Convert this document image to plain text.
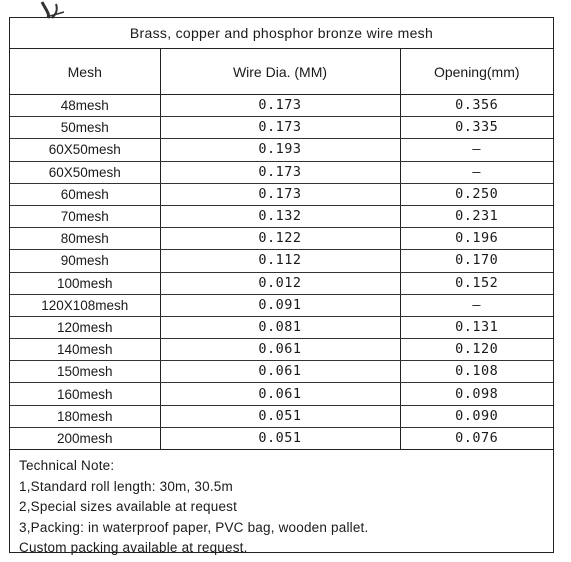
Brass, copper and phosphor bronze wire mesh
Mesh	Wire Dia. (MM)	Opening(mm)
48mesh	0.173	0.356
50mesh	0.173	0.335
60X50mesh	0.193	—
60X50mesh	0.173	—
60mesh	0.173	0.250
70mesh	0.132	0.231
80mesh	0.122	0.196
90mesh	0.112	0.170
100mesh	0.012	0.152
120X108mesh	0.091	—
120mesh	0.081	0.131
140mesh	0.061	0.120
150mesh	0.061	0.108
160mesh	0.061	0.098
180mesh	0.051	0.090
200mesh	0.051	0.076
Technical Note:
1,Standard roll length: 30m, 30.5m
2,Special sizes available at request
3,Packing: in waterproof paper, PVC bag, wooden pallet.
Custom packing available at request.
